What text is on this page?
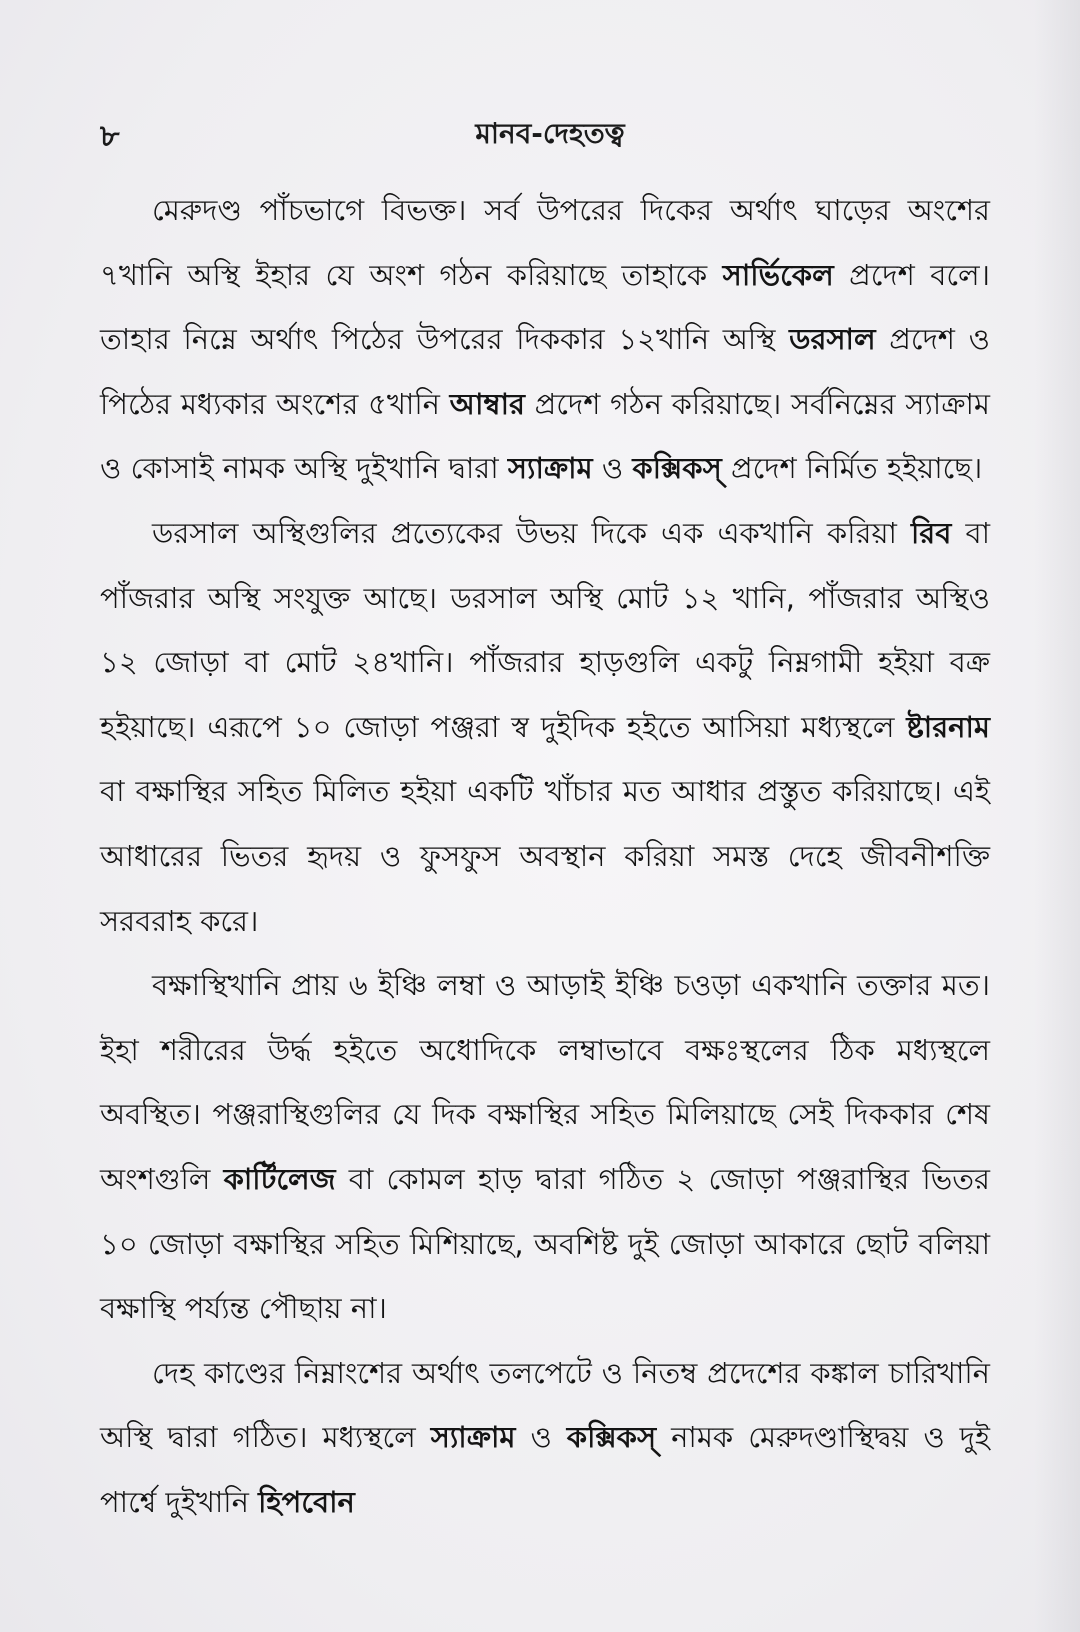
৮	মানব-দেহতত্ব

মেরুদণ্ড পাঁচভাগে বিভক্ত। সর্ব উপরের দিকের অর্থাৎ ঘাড়ের অংশের ৭খানি অস্থি ইহার যে অংশ গঠন করিয়াছে তাহাকে সার্ভিকেল প্রদেশ বলে। তাহার নিম্নে অর্থাৎ পিঠের উপরের দিককার ১২খানি অস্থি ডরসাল প্রদেশ ও পিঠের মধ্যকার অংশের ৫খানি আম্বার প্রদেশ গঠন করিয়াছে। সর্বনিম্নের স্যাক্রাম ও কোসাই নামক অস্থি দুইখানি দ্বারা স্যাক্রাম ও কক্সিকস্ প্রদেশ নির্মিত হইয়াছে।

ডরসাল অস্থিগুলির প্রত্যেকের উভয় দিকে এক একখানি করিয়া রিব বা পাঁজরার অস্থি সংযুক্ত আছে। ডরসাল অস্থি মোট ১২ খানি, পাঁজরার অস্থিও ১২ জোড়া বা মোট ২৪খানি। পাঁজরার হাড়গুলি একটু নিম্নগামী হইয়া বক্র হইয়াছে। এরূপে ১০ জোড়া পঞ্জরা স্ব দুইদিক হইতে আসিয়া মধ্যস্থলে ষ্টারনাম বা বক্ষাস্থির সহিত মিলিত হইয়া একটি খাঁচার মত আধার প্রস্তুত করিয়াছে। এই আধারের ভিতর হৃদয় ও ফুসফুস অবস্থান করিয়া সমস্ত দেহে জীবনীশক্তি সরবরাহ করে।

বক্ষাস্থিখানি প্রায় ৬ ইঞ্চি লম্বা ও আড়াই ইঞ্চি চওড়া একখানি তক্তার মত। ইহা শরীরের উর্দ্ধ হইতে অধোদিকে লম্বাভাবে বক্ষঃস্থলের ঠিক মধ্যস্থলে অবস্থিত। পঞ্জরাস্থিগুলির যে দিক বক্ষাস্থির সহিত মিলিয়াছে সেই দিককার শেষ অংশগুলি কার্টিলেজ বা কোমল হাড় দ্বারা গঠিত ২ জোড়া পঞ্জরাস্থির ভিতর ১০ জোড়া বক্ষাস্থির সহিত মিশিয়াছে, অবশিষ্ট দুই জোড়া আকারে ছোট বলিয়া বক্ষাস্থি পর্য্যন্ত পৌছায় না।

দেহ কাণ্ডের নিম্নাংশের অর্থাৎ তলপেটে ও নিতম্ব প্রদেশের কঙ্কাল চারিখানি অস্থি দ্বারা গঠিত। মধ্যস্থলে স্যাক্রাম ও কক্সিকস্ নামক মেরুদণ্ডাস্থিদ্বয় ও দুই পার্শ্বে দুইখানি হিপবোন
